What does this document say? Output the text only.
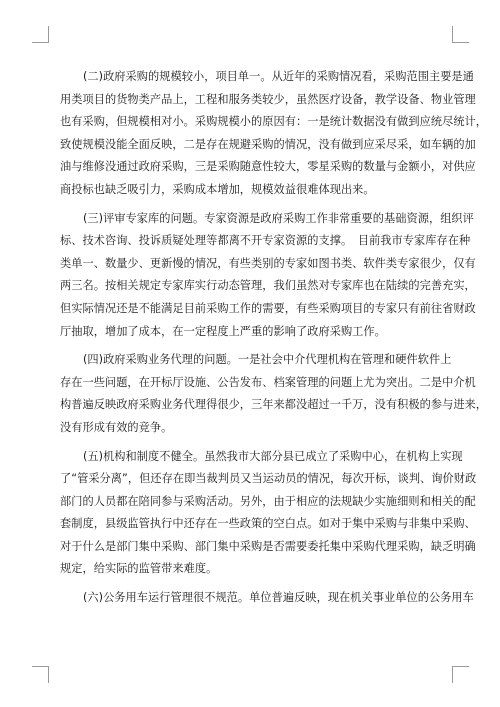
(二)政府采购的规模较小，项目单一。从近年的采购情况看，采购范围主要是通
用类项目的货物类产品上，工程和服务类较少，虽然医疗设备，教学设备、物业管理
也有采购，但规模相对小。采购规模小的原因有：一是统计数据没有做到应统尽统计，
致使规模没能全面反映，二是存在规避采购的情况，没有做到应采尽采，如车辆的加
油与维修没通过政府采购，三是采购随意性较大，零星采购的数量与金额小，对供应
商投标也缺乏吸引力，采购成本增加，规模效益很难体现出来。

(三)评审专家库的问题。专家资源是政府采购工作非常重要的基础资源，组织评
标、技术咨询、投诉质疑处理等都离不开专家资源的支撑。　目前我市专家库存在种
类单一、数量少、更新慢的情况，有些类别的专家如图书类、软件类专家很少，仅有
两三名。按相关规定专家库实行动态管理，我们虽然对专家库也在陆续的完善充实，
但实际情况还是不能满足目前采购工作的需要，有些采购项目的专家只有前往省财政
厅抽取，增加了成本，在一定程度上严重的影响了政府采购工作。

(四)政府采购业务代理的问题。一是社会中介代理机构在管理和硬件软件上
存在一些问题，在开标厅设施、公告发布、档案管理的问题上尤为突出。二是中介机
构普遍反映政府采购业务代理得很少，三年来都没超过一千万，没有积极的参与进来，
没有形成有效的竞争。

(五)机构和制度不健全。虽然我市大部分县已成立了采购中心，在机构上实现
了“管采分离”，但还存在即当裁判员又当运动员的情况，每次开标，谈判、询价财政
部门的人员都在陪同参与采购活动。另外，由于相应的法规缺少实施细则和相关的配
套制度，县级监管执行中还存在一些政策的空白点。如对于集中采购与非集中采购、
对于什么是部门集中采购、部门集中采购是否需要委托集中采购代理采购，缺乏明确
规定，给实际的监管带来难度。

(六)公务用车运行管理很不规范。单位普遍反映，现在机关事业单位的公务用车
